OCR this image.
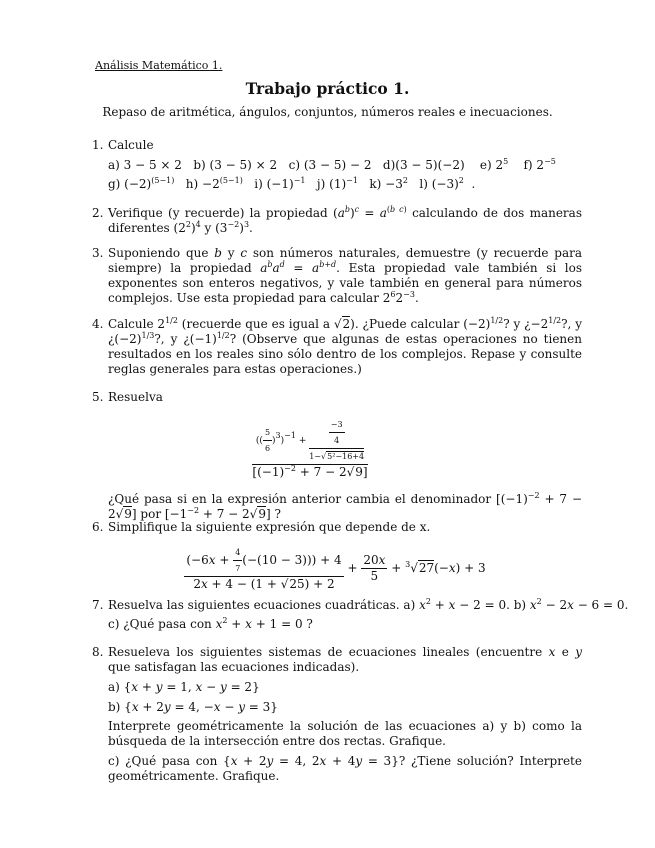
Análisis Matemático 1.
Trabajo práctico 1.
Repaso de aritmética, ángulos, conjuntos, números reales e inecuaciones.
1. Calcule
a) 3 − 5 × 2   b) (3 − 5) × 2   c) (3 − 5) − 2   d)(3 − 5)(−2)    e) $2^5$    f) $2^{-5}$
g) $(-2)^{(5-1)}$   $h) -2^{(5-1)}$   i) $(-1)^{-1}$   j) $(1)^{-1}$   $k) -3^2$   l) $(-3)^2$  .
2. Verifique (y recuerde) la propiedad $(a^b)^c = a^{(b c)}$ calculando de dos maneras diferentes $(2^2)^4$ y $(3^{-2})^3$.
3. Suponiendo que b y c son números naturales, demuestre (y recuerde para siempre) la propiedad $a^ba^d = a^{b+d}$. Esta propiedad vale también si los exponentes son enteros negativos, y vale también en general para números complejos. Use esta propiedad para calcular $2^62^{-3}$.
4. Calcule $2^{1/2}$ (recuerde que es igual a √2). ¿Puede calcular $(-2)^{1/2}$? y ¿$-2^{1/2}$?, y ¿$(-2)^{1/3}$?, y ¿$(-1)^{1/2}$? (Observe que algunas de estas operaciones no tienen resultados en los reales sino sólo dentro de los complejos. Repase y consulte reglas generales para estas operaciones.)
5. Resuelva
$\frac{(( \frac{5}{6} )^3)^{-1} + \frac{\frac{-3}{4}}{\text{1−√5²−16+4}}}{[(-1)^{-2} + 7 - 2√9]}$
¿Qué pasa si en la expresión anterior cambia el denominador $[(-1)^{-2} + 7 - 2√9]$ por $[-1^{-2} + 7 - 2√9]$ ?
6. Simplifique la siguiente expresión que depende de x.
$\frac{(-6x + \frac{4}{7} (-(10 - 3))) + 4}{2x + 4 - (1 + √25) + 2} + \frac{20x}{5} + ^3√27(-x) + 3$
7. Resuelva las siguientes ecuaciones cuadráticas. a) $x^2 + x - 2 = 0$. b) $x^2 - 2x - 6 = 0$.
c) ¿Qué pasa con $x^2 + x + 1 = 0$ ?
8. Resueleva los siguientes sistemas de ecuaciones lineales (encuentre x e y que satisfagan las ecuaciones indicadas).
a) {x + y = 1, x − y = 2}
b) {x + 2y = 4, −x − y = 3}
Interprete geométricamente la solución de las ecuaciones a) y b) como la búsqueda de la intersección entre dos rectas. Grafique.
c) ¿Qué pasa con {x + 2y = 4, 2x + 4y = 3}? ¿Tiene solución? Interprete geométricamente. Grafique.
